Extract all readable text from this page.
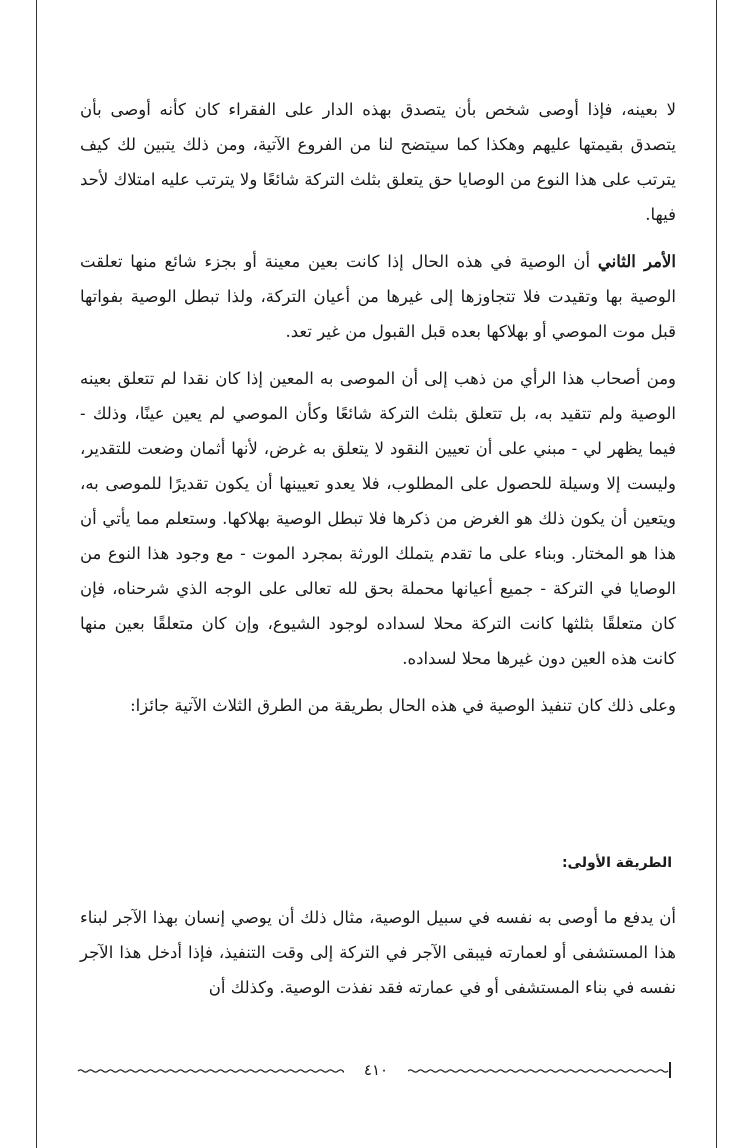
لا بعينه، فإذا أوصى شخص بأن يتصدق بهذه الدار على الفقراء كان كأنه أوصى بأن يتصدق بقيمتها عليهم وهكذا كما سيتضح لنا من الفروع الآتية، ومن ذلك يتبين لك كيف يترتب على هذا النوع من الوصايا حق يتعلق بثلث التركة شائعًا ولا يترتب عليه امتلاك لأحد فيها.

الأمر الثاني أن الوصية في هذه الحال إذا كانت بعين معينة أو بجزء شائع منها تعلقت الوصية بها وتقيدت فلا تتجاوزها إلى غيرها من أعيان التركة، ولذا تبطل الوصية بفواتها قبل موت الموصي أو بهلاكها بعده قبل القبول من غير تعد.

ومن أصحاب هذا الرأي من ذهب إلى أن الموصى به المعين إذا كان نقدا لم تتعلق بعينه الوصية ولم تتقيد به، بل تتعلق بثلث التركة شائعًا وكأن الموصي لم يعين عينًا، وذلك - فيما يظهر لي - مبني على أن تعيين النقود لا يتعلق به غرض، لأنها أثمان وضعت للتقدير، وليست إلا وسيلة للحصول على المطلوب، فلا يعدو تعيينها أن يكون تقديرًا للموصى به، ويتعين أن يكون ذلك هو الغرض من ذكرها فلا تبطل الوصية بهلاكها. وستعلم مما يأتي أن هذا هو المختار. وبناء على ما تقدم يتملك الورثة بمجرد الموت - مع وجود هذا النوع من الوصايا في التركة - جميع أعيانها محملة بحق لله تعالى على الوجه الذي شرحناه، فإن كان متعلقًا بثلثها كانت التركة محلا لسداده لوجود الشيوع، وإن كان متعلقًا بعين منها كانت هذه العين دون غيرها محلا لسداده.

وعلى ذلك كان تنفيذ الوصية في هذه الحال بطريقة من الطرق الثلاث الآتية جائزا:

الطريقة الأولى:

أن يدفع ما أوصى به نفسه في سبيل الوصية، مثال ذلك أن يوصي إنسان بهذا الآجر لبناء هذا المستشفى أو لعمارته فيبقى الآجر في التركة إلى وقت التنفيذ، فإذا أدخل هذا الآجر نفسه في بناء المستشفى أو في عمارته فقد نفذت الوصية. وكذلك أن

٤١٠
